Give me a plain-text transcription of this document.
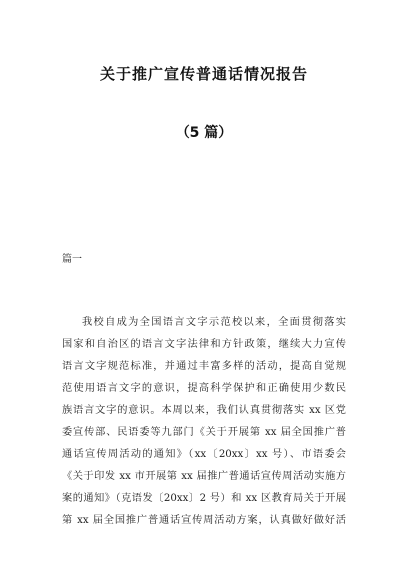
关于推广宣传普通话情况报告
（5 篇）
篇一
我校自成为全国语言文字示范校以来，全面贯彻落实
国家和自治区的语言文字法律和方针政策，继续大力宣传
语言文字规范标准，并通过丰富多样的活动，提高自觉规
范使用语言文字的意识，提高科学保护和正确使用少数民
族语言文字的意识。本周以来，我们认真贯彻落实 xx 区党
委宣传部、民语委等九部门《关于开展第 xx 届全国推广普
通话宣传周活动的通知》（xx〔20xx〕xx 号）、市语委会
《关于印发 xx 市开展第 xx 届推广普通话宣传周活动实施方
案的通知》（克语发〔20xx〕2 号）和 xx 区教育局关于开展
第 xx 届全国推广普通话宣传周活动方案，认真做好做好活
